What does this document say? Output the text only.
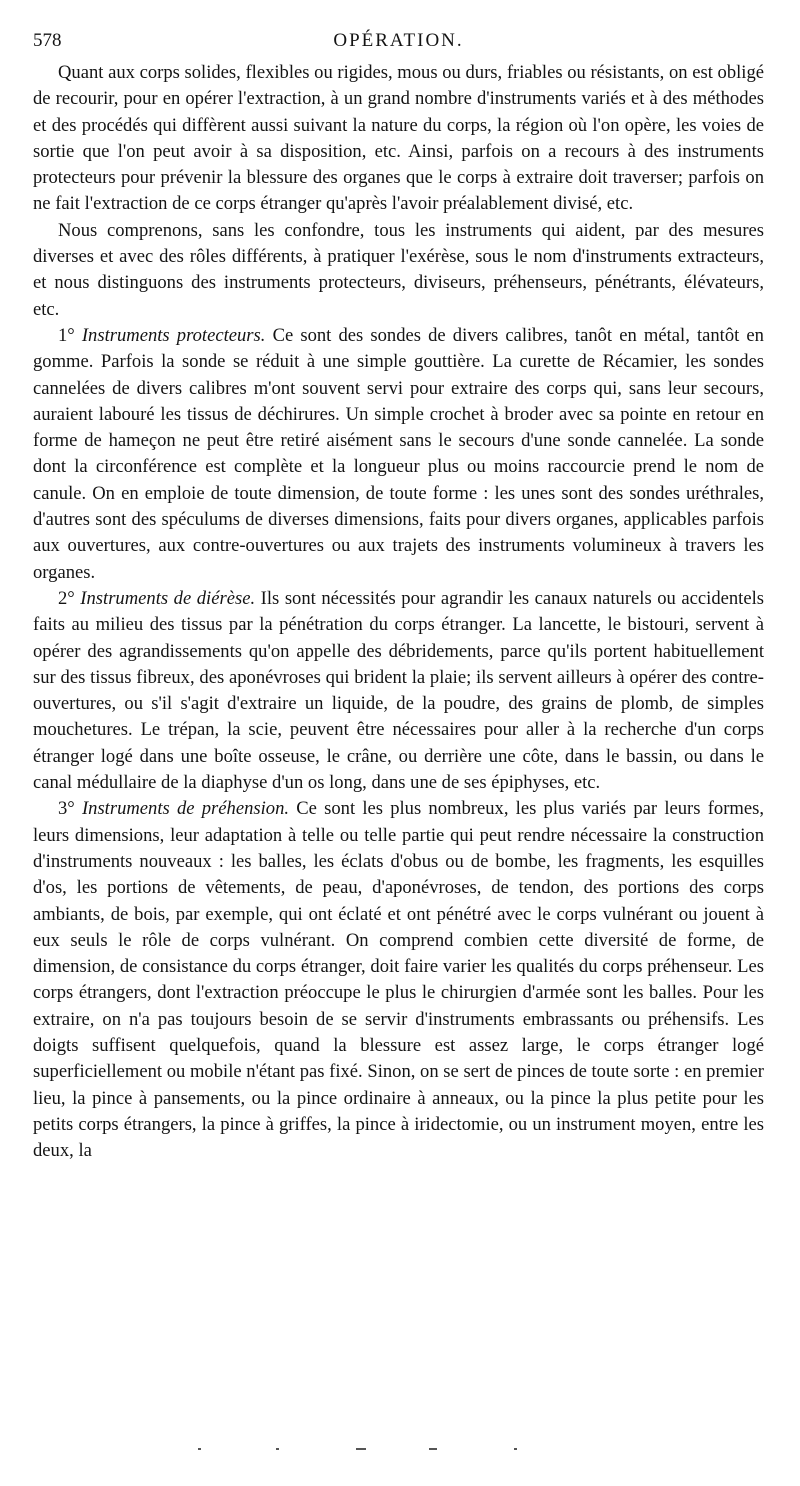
578	OPÉRATION.

Quant aux corps solides, flexibles ou rigides, mous ou durs, friables ou résistants, on est obligé de recourir, pour en opérer l'extraction, à un grand nombre d'instruments variés et à des méthodes et des procédés qui diffèrent aussi suivant la nature du corps, la région où l'on opère, les voies de sortie que l'on peut avoir à sa disposition, etc. Ainsi, parfois on a recours à des instruments protecteurs pour prévenir la blessure des organes que le corps à extraire doit traverser; parfois on ne fait l'extraction de ce corps étranger qu'après l'avoir préalablement divisé, etc.

Nous comprenons, sans les confondre, tous les instruments qui aident, par des mesures diverses et avec des rôles différents, à pratiquer l'exérèse, sous le nom d'instruments extracteurs, et nous distinguons des instruments protecteurs, diviseurs, préhenseurs, pénétrants, élévateurs, etc.

1° Instruments protecteurs. Ce sont des sondes de divers calibres, tanôt en métal, tantôt en gomme. Parfois la sonde se réduit à une simple gouttière. La curette de Récamier, les sondes cannelées de divers calibres m'ont souvent servi pour extraire des corps qui, sans leur secours, auraient labouré les tissus de déchirures. Un simple crochet à broder avec sa pointe en retour en forme de hameçon ne peut être retiré aisément sans le secours d'une sonde cannelée. La sonde dont la circonférence est complète et la longueur plus ou moins raccourcie prend le nom de canule. On en emploie de toute dimension, de toute forme : les unes sont des sondes uréthrales, d'autres sont des spéculums de diverses dimensions, faits pour divers organes, applicables parfois aux ouvertures, aux contre-ouvertures ou aux trajets des instruments volumineux à travers les organes.

2° Instruments de diérèse. Ils sont nécessités pour agrandir les canaux naturels ou accidentels faits au milieu des tissus par la pénétration du corps étranger. La lancette, le bistouri, servent à opérer des agrandissements qu'on appelle des débridements, parce qu'ils portent habituellement sur des tissus fibreux, des aponévroses qui brident la plaie; ils servent ailleurs à opérer des contre-ouvertures, ou s'il s'agit d'extraire un liquide, de la poudre, des grains de plomb, de simples mouchetures. Le trépan, la scie, peuvent être nécessaires pour aller à la recherche d'un corps étranger logé dans une boîte osseuse, le crâne, ou derrière une côte, dans le bassin, ou dans le canal médullaire de la diaphyse d'un os long, dans une de ses épiphyses, etc.

3° Instruments de préhension. Ce sont les plus nombreux, les plus variés par leurs formes, leurs dimensions, leur adaptation à telle ou telle partie qui peut rendre nécessaire la construction d'instruments nouveaux : les balles, les éclats d'obus ou de bombe, les fragments, les esquilles d'os, les portions de vêtements, de peau, d'aponévroses, de tendon, des portions des corps ambiants, de bois, par exemple, qui ont éclaté et ont pénétré avec le corps vulnérant ou jouent à eux seuls le rôle de corps vulnérant. On comprend combien cette diversité de forme, de dimension, de consistance du corps étranger, doit faire varier les qualités du corps préhenseur. Les corps étrangers, dont l'extraction préoccupe le plus le chirurgien d'armée sont les balles. Pour les extraire, on n'a pas toujours besoin de se servir d'instruments embrassants ou préhensifs. Les doigts suffisent quelquefois, quand la blessure est assez large, le corps étranger logé superficiellement ou mobile n'étant pas fixé. Sinon, on se sert de pinces de toute sorte : en premier lieu, la pince à pansements, ou la pince ordinaire à anneaux, ou la pince la plus petite pour les petits corps étrangers, la pince à griffes, la pince à iridectomie, ou un instrument moyen, entre les deux, la
